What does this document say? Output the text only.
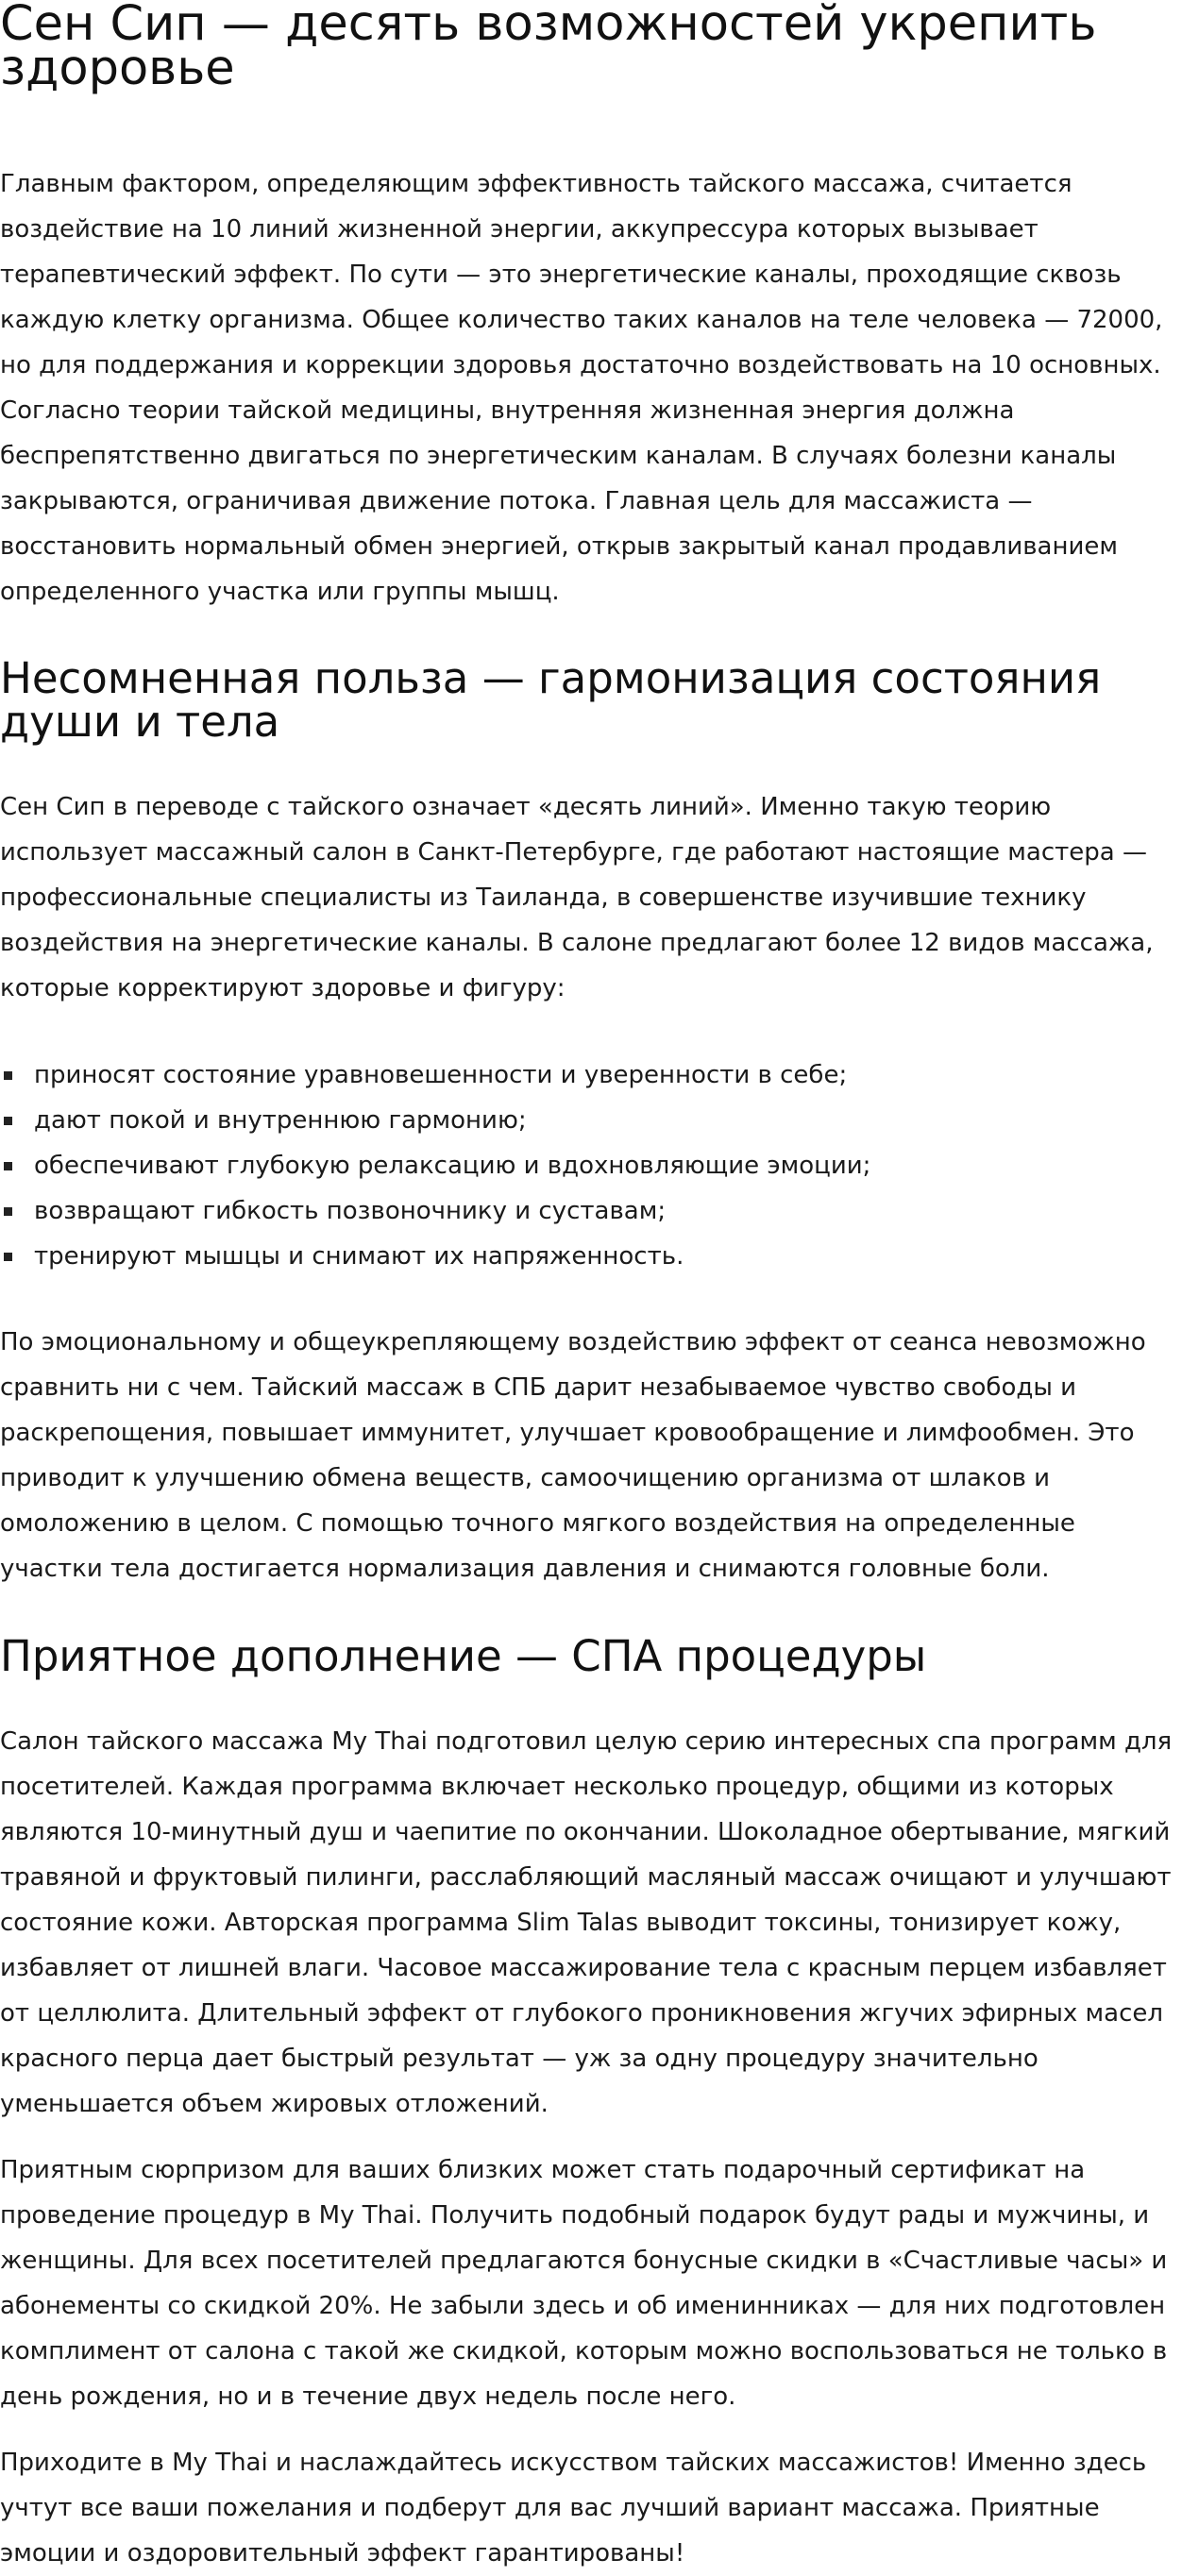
Сен Сип — десять возможностей укрепить здоровье

Главным фактором, определяющим эффективность тайского массажа, считается воздействие на 10 линий жизненной энергии, аккупрессура которых вызывает терапевтический эффект. По сути — это энергетические каналы, проходящие сквозь каждую клетку организма. Общее количество таких каналов на теле человека — 72000, но для поддержания и коррекции здоровья достаточно воздействовать на 10 основных. Согласно теории тайской медицины, внутренняя жизненная энергия должна беспрепятственно двигаться по энергетическим каналам. В случаях болезни каналы закрываются, ограничивая движение потока. Главная цель для массажиста — восстановить нормальный обмен энергией, открыв закрытый канал продавливанием определенного участка или группы мышц.

Несомненная польза — гармонизация состояния души и тела

Сен Сип в переводе с тайского означает «десять линий». Именно такую теорию использует массажный салон в Санкт-Петербурге, где работают настоящие мастера — профессиональные специалисты из Таиланда, в совершенстве изучившие технику воздействия на энергетические каналы. В салоне предлагают более 12 видов массажа, которые корректируют здоровье и фигуру:

приносят состояние уравновешенности и уверенности в себе;
дают покой и внутреннюю гармонию;
обеспечивают глубокую релаксацию и вдохновляющие эмоции;
возвращают гибкость позвоночнику и суставам;
тренируют мышцы и снимают их напряженность.

По эмоциональному и общеукрепляющему воздействию эффект от сеанса невозможно сравнить ни с чем. Тайский массаж в СПБ дарит незабываемое чувство свободы и раскрепощения, повышает иммунитет, улучшает кровообращение и лимфообмен. Это приводит к улучшению обмена веществ, самоочищению организма от шлаков и омоложению в целом. С помощью точного мягкого воздействия на определенные участки тела достигается нормализация давления и снимаются головные боли.

Приятное дополнение — СПА процедуры

Салон тайского массажа My Thai подготовил целую серию интересных спа программ для посетителей. Каждая программа включает несколько процедур, общими из которых являются 10-минутный душ и чаепитие по окончании. Шоколадное обертывание, мягкий травяной и фруктовый пилинги, расслабляющий масляный массаж очищают и улучшают состояние кожи. Авторская программа Slim Talas выводит токсины, тонизирует кожу, избавляет от лишней влаги. Часовое массажирование тела с красным перцем избавляет от целлюлита. Длительный эффект от глубокого проникновения жгучих эфирных масел красного перца дает быстрый результат — уж за одну процедуру значительно уменьшается объем жировых отложений.

Приятным сюрпризом для ваших близких может стать подарочный сертификат на проведение процедур в My Thai. Получить подобный подарок будут рады и мужчины, и женщины. Для всех посетителей предлагаются бонусные скидки в «Счастливые часы» и абонементы со скидкой 20%. Не забыли здесь и об именинниках — для них подготовлен комплимент от салона с такой же скидкой, которым можно воспользоваться не только в день рождения, но и в течение двух недель после него.

Приходите в My Thai и наслаждайтесь искусством тайских массажистов! Именно здесь учтут все ваши пожелания и подберут для вас лучший вариант массажа. Приятные эмоции и оздоровительный эффект гарантированы!
